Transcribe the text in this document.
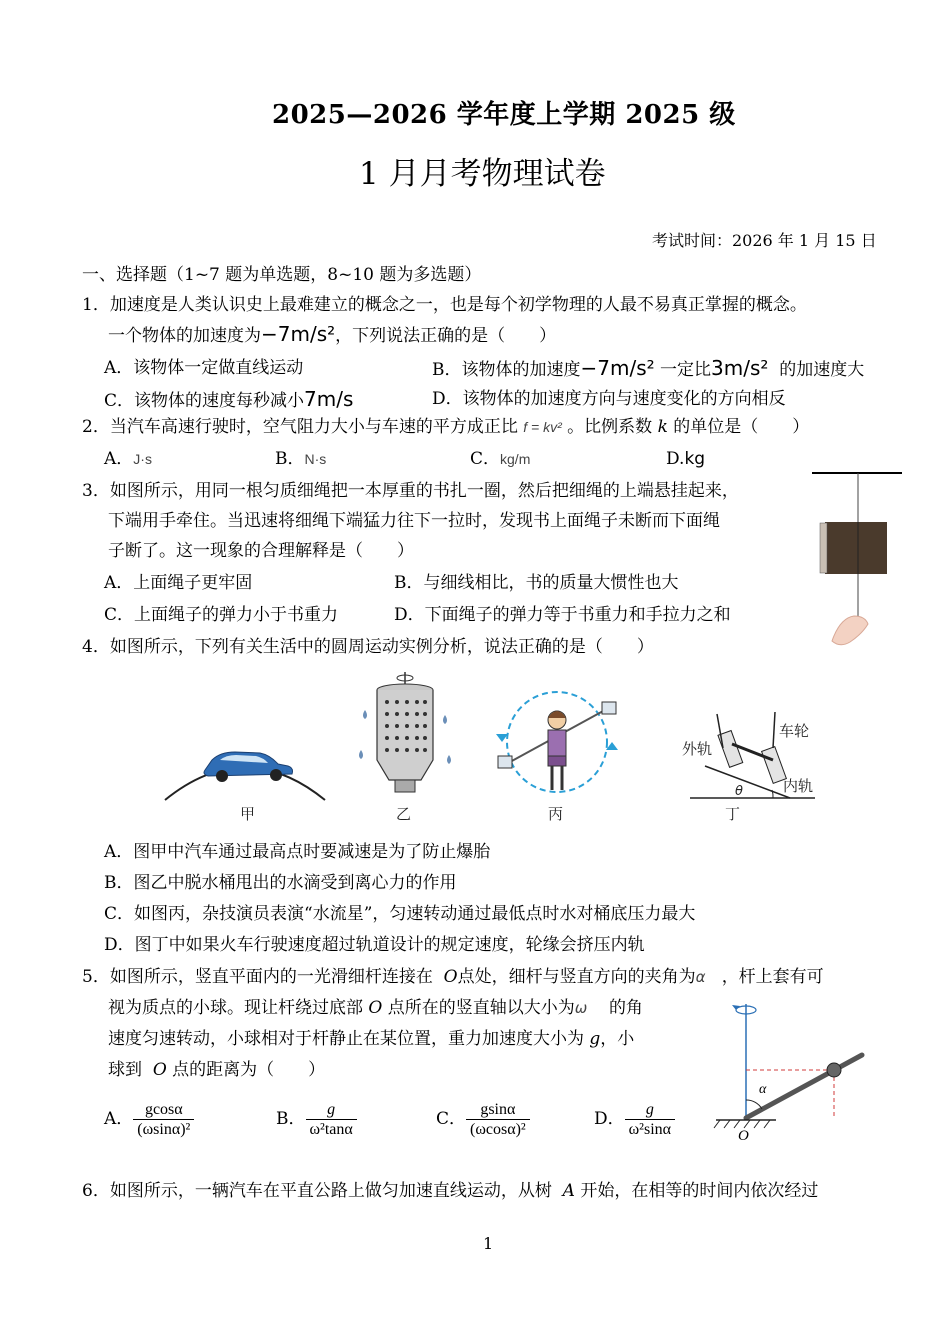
2025—2026 学年度上学期 2025 级
1 月月考物理试卷
考试时间：2026 年 1 月 15 日
一、选择题（1~7 题为单选题，8~10 题为多选题）
1．加速度是人类认识史上最难建立的概念之一，也是每个初学物理的人最不易真正掌握的概念。
一个物体的加速度为−7m/s²，下列说法正确的是（　　）
A．该物体一定做直线运动	B．该物体的加速度−7m/s² 一定比3m/s² 的加速度大
C．该物体的速度每秒减小7m/s	D．该物体的加速度方向与速度变化的方向相反
2．当汽车高速行驶时，空气阻力大小与车速的平方成正比 f = kv² 。比例系数 k 的单位是（　　）
A．J·s	B．N·s	C．kg/m	D.kg
3．如图所示，用同一根匀质细绳把一本厚重的书扎一圈，然后把细绳的上端悬挂起来，
下端用手牵住。当迅速将细绳下端猛力往下一拉时，发现书上面绳子未断而下面绳
子断了。这一现象的合理解释是（　　）
A．上面绳子更牢固	B．与细线相比，书的质量大惯性也大
C．上面绳子的弹力小于书重力	D．下面绳子的弹力等于书重力和手拉力之和
4．如图所示，下列有关生活中的圆周运动实例分析，说法正确的是（　　）
甲	乙	丙
外轨
车轮
内轨
θ
丁
A．图甲中汽车通过最高点时要减速是为了防止爆胎
B．图乙中脱水桶甩出的水滴受到离心力的作用
C．如图丙，杂技演员表演“水流星”，匀速转动通过最低点时水对桶底压力最大
D．图丁中如果火车行驶速度超过轨道设计的规定速度，轮缘会挤压内轨
5．如图所示，竖直平面内的一光滑细杆连接在 O点处，细杆与竖直方向的夹角为α ，杆上套有可
视为质点的小球。现让杆绕过底部 O 点所在的竖直轴以大小为ω 的角
速度匀速转动，小球相对于杆静止在某位置，重力加速度大小为 g，小
球到 O 点的距离为（　　）
A． $\frac{gcos\alpha}{\text{(ωsinα)²}}$	B． $\frac{g}{\text{ω²tanα}}$	C． $\frac{gsin\alpha}{\text{(ωcosα)²}}$	D． $\frac{g}{\text{ω²sinα}}$
α
O
6．如图所示，一辆汽车在平直公路上做匀加速直线运动，从树 A 开始，在相等的时间内依次经过
1
